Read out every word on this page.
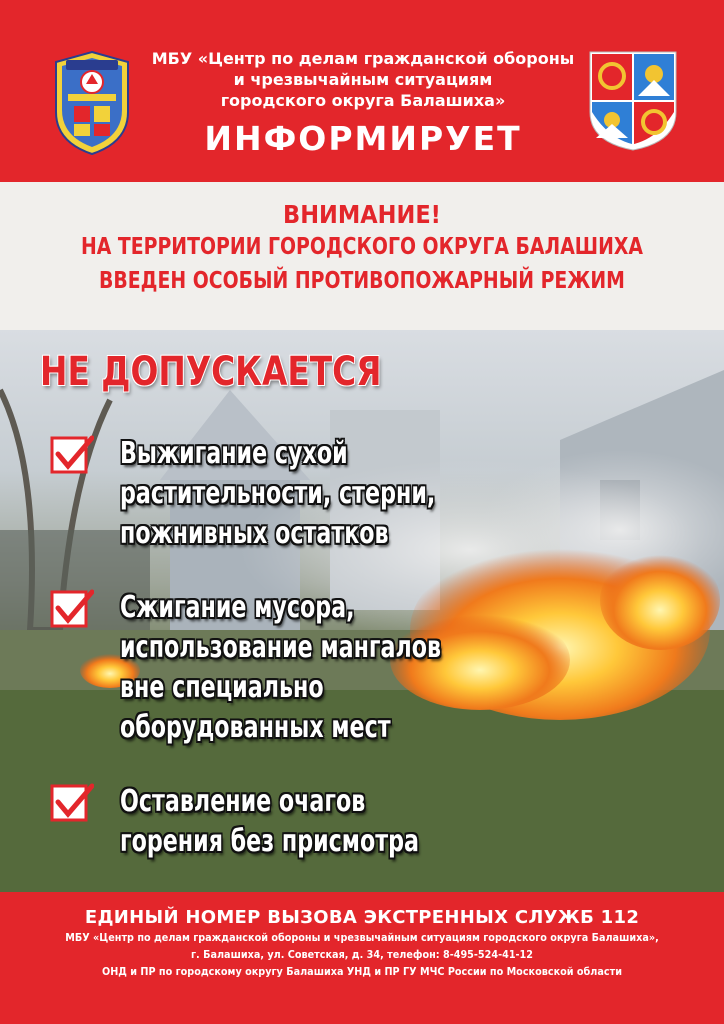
МБУ «Центр по делам гражданской обороны
и чрезвычайным ситуациям
городского округа Балашиха»
ИНФОРМИРУЕТ
ВНИМАНИЕ!
НА ТЕРРИТОРИИ ГОРОДСКОГО ОКРУГА БАЛАШИХА
ВВЕДЕН ОСОБЫЙ ПРОТИВОПОЖАРНЫЙ РЕЖИМ
НЕ ДОПУСКАЕТСЯ
Выжигание сухой
растительности, стерни,
пожнивных остатков
Сжигание мусора,
использование мангалов
вне специально
оборудованных мест
Оставление очагов
горения без присмотра
ЕДИНЫЙ НОМЕР ВЫЗОВА ЭКСТРЕННЫХ СЛУЖБ 112
МБУ «Центр по делам гражданской обороны и чрезвычайным ситуациям городского округа Балашиха»,
г. Балашиха, ул. Советская, д. 34, телефон: 8-495-524-41-12
ОНД и ПР по городскому округу Балашиха УНД и ПР ГУ МЧС России по Московской области
